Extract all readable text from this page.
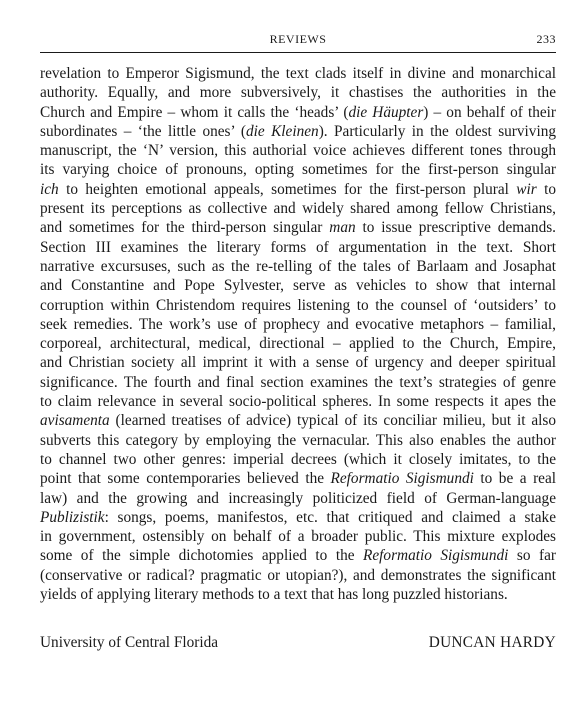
REVIEWS	233
revelation to Emperor Sigismund, the text clads itself in divine and monarchical
authority. Equally, and more subversively, it chastises the authorities in the
Church and Empire – whom it calls the ‘heads’ (die Häupter) – on behalf of their
subordinates – ‘the little ones’ (die Kleinen). Particularly in the oldest surviving
manuscript, the ‘N’ version, this authorial voice achieves different tones through
its varying choice of pronouns, opting sometimes for the first-person singular
ich to heighten emotional appeals, sometimes for the first-person plural wir to
present its perceptions as collective and widely shared among fellow Christians,
and sometimes for the third-person singular man to issue prescriptive demands.
Section III examines the literary forms of argumentation in the text. Short
narrative excursuses, such as the re-telling of the tales of Barlaam and Josaphat
and Constantine and Pope Sylvester, serve as vehicles to show that internal
corruption within Christendom requires listening to the counsel of ‘outsiders’ to
seek remedies. The work’s use of prophecy and evocative metaphors – familial,
corporeal, architectural, medical, directional – applied to the Church, Empire,
and Christian society all imprint it with a sense of urgency and deeper spiritual
significance. The fourth and final section examines the text’s strategies of genre
to claim relevance in several socio-political spheres. In some respects it apes the
avisamenta (learned treatises of advice) typical of its conciliar milieu, but it also
subverts this category by employing the vernacular. This also enables the author
to channel two other genres: imperial decrees (which it closely imitates, to the
point that some contemporaries believed the Reformatio Sigismundi to be a real
law) and the growing and increasingly politicized field of German-language
Publizistik: songs, poems, manifestos, etc. that critiqued and claimed a stake
in government, ostensibly on behalf of a broader public. This mixture explodes
some of the simple dichotomies applied to the Reformatio Sigismundi so far
(conservative or radical? pragmatic or utopian?), and demonstrates the significant
yields of applying literary methods to a text that has long puzzled historians.
University of Central Florida	DUNCAN HARDY
